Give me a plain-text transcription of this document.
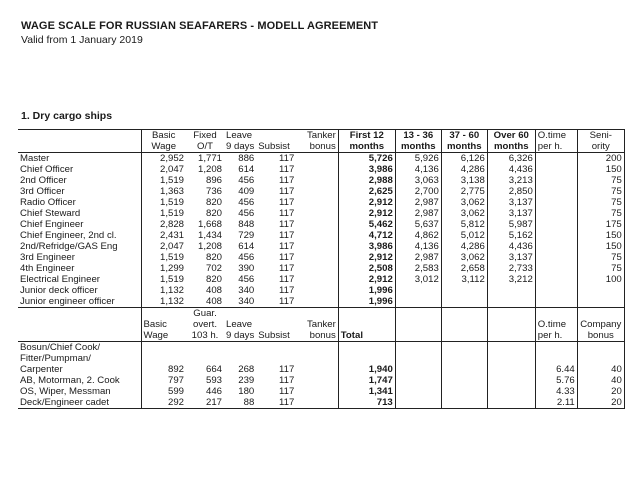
WAGE SCALE FOR RUSSIAN SEAFARERS - MODELL AGREEMENT
Valid from 1 January 2019
1. Dry cargo ships
	Basic	Fixed	Leave		Tanker	First 12	13 - 36	37 - 60	Over 60	O.time	Seni-
	Wage	O/T	9 days	Subsist	bonus	months	months	months	months	per h.	ority
Master	2,952	1,771	886	117		5,726	5,926	6,126	6,326		200
Chief Officer	2,047	1,208	614	117		3,986	4,136	4,286	4,436		150
2nd Officer	1,519	896	456	117		2,988	3,063	3,138	3,213		75
3rd Officer	1,363	736	409	117		2,625	2,700	2,775	2,850		75
Radio Officer	1,519	820	456	117		2,912	2,987	3,062	3,137		75
Chief Steward	1,519	820	456	117		2,912	2,987	3,062	3,137		75
Chief Engineer	2,828	1,668	848	117		5,462	5,637	5,812	5,987		175
Chief Engineer, 2nd cl.	2,431	1,434	729	117		4,712	4,862	5,012	5,162		150
2nd/Refridge/GAS Eng	2,047	1,208	614	117		3,986	4,136	4,286	4,436		150
3rd Engineer	1,519	820	456	117		2,912	2,987	3,062	3,137		75
4th Engineer	1,299	702	390	117		2,508	2,583	2,658	2,733		75
Electrical Engineer	1,519	820	456	117		2,912	3,012	3,112	3,212		100
Junior deck officer	1,132	408	340	117		1,996					
Junior engineer officer	1,132	408	340	117		1,996					
		Guar.									
	Basic	overt.	Leave		Tanker					O.time	Company
	Wage	103 h.	9 days	Subsist	bonus	Total				per h.	bonus
Bosun/Chief Cook/											
Fitter/Pumpman/											
Carpenter	892	664	268	117		1,940				6.44	40
AB, Motorman, 2. Cook	797	593	239	117		1,747				5.76	40
OS, Wiper, Messman	599	446	180	117		1,341				4.33	20
Deck/Engineer cadet	292	217	88	117		713				2.11	20
